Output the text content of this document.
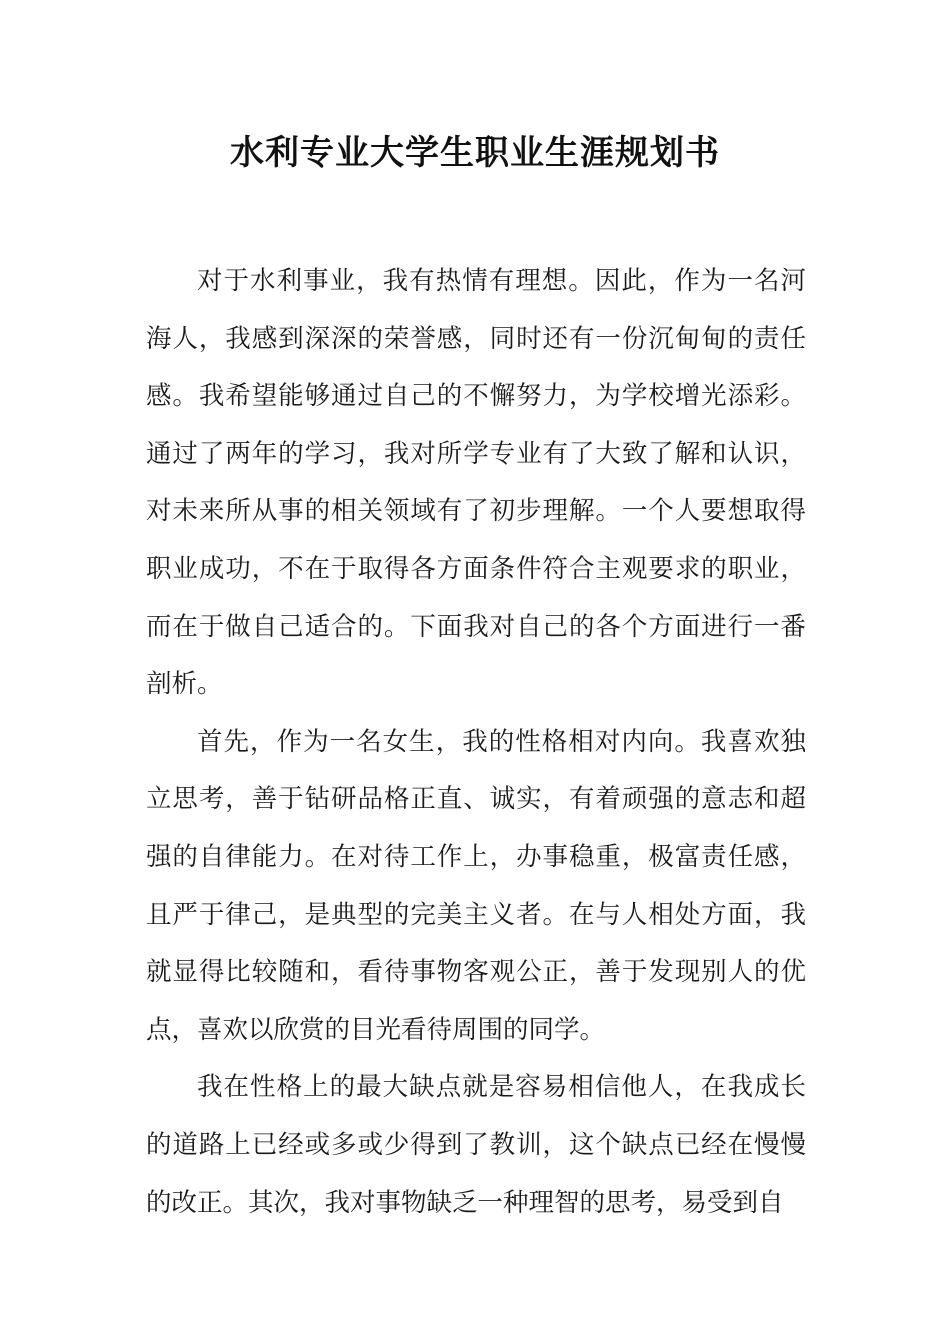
水利专业大学生职业生涯规划书

对于水利事业，我有热情有理想。因此，作为一名河海人，我感到深深的荣誉感，同时还有一份沉甸甸的责任感。我希望能够通过自己的不懈努力，为学校增光添彩。通过了两年的学习，我对所学专业有了大致了解和认识，对未来所从事的相关领域有了初步理解。一个人要想取得职业成功，不在于取得各方面条件符合主观要求的职业，而在于做自己适合的。下面我对自己的各个方面进行一番剖析。

首先，作为一名女生，我的性格相对内向。我喜欢独立思考，善于钻研品格正直、诚实，有着顽强的意志和超强的自律能力。在对待工作上，办事稳重，极富责任感，且严于律己，是典型的完美主义者。在与人相处方面，我就显得比较随和，看待事物客观公正，善于发现别人的优点，喜欢以欣赏的目光看待周围的同学。

我在性格上的最大缺点就是容易相信他人，在我成长的道路上已经或多或少得到了教训，这个缺点已经在慢慢的改正。其次，我对事物缺乏一种理智的思考，易受到自
